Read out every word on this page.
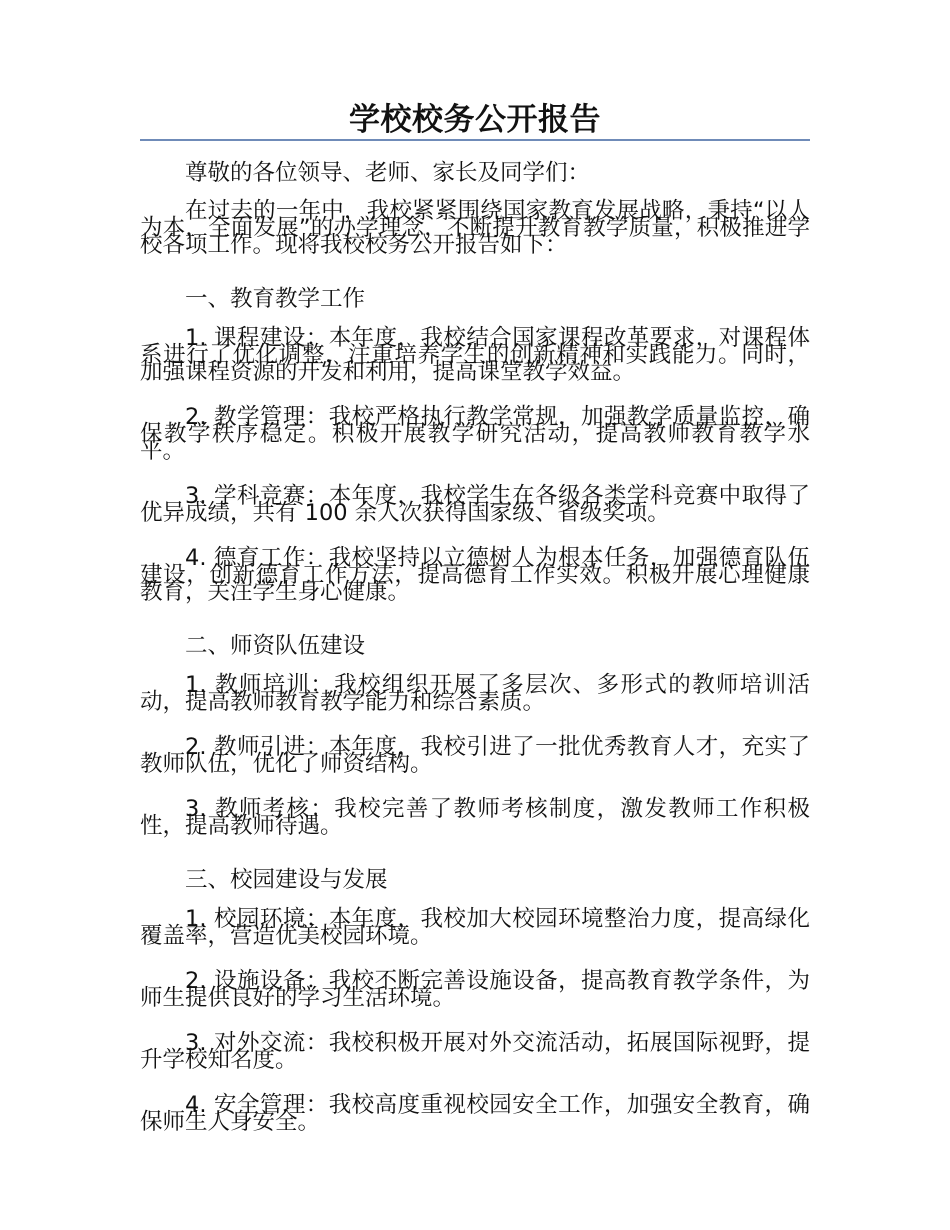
学校校务公开报告

尊敬的各位领导、老师、家长及同学们：

在过去的一年中，我校紧紧围绕国家教育发展战略，秉持“以人为本，全面发展”的办学理念，不断提升教育教学质量，积极推进学校各项工作。现将我校校务公开报告如下：

一、教育教学工作

1. 课程建设：本年度，我校结合国家课程改革要求，对课程体系进行了优化调整，注重培养学生的创新精神和实践能力。同时，加强课程资源的开发和利用，提高课堂教学效益。

2. 教学管理：我校严格执行教学常规，加强教学质量监控，确保教学秩序稳定。积极开展教学研究活动，提高教师教育教学水平。

3. 学科竞赛：本年度，我校学生在各级各类学科竞赛中取得了优异成绩，共有 100 余人次获得国家级、省级奖项。

4. 德育工作：我校坚持以立德树人为根本任务，加强德育队伍建设，创新德育工作方法，提高德育工作实效。积极开展心理健康教育，关注学生身心健康。

二、师资队伍建设

1. 教师培训：我校组织开展了多层次、多形式的教师培训活动，提高教师教育教学能力和综合素质。

2. 教师引进：本年度，我校引进了一批优秀教育人才，充实了教师队伍，优化了师资结构。

3. 教师考核：我校完善了教师考核制度，激发教师工作积极性，提高教师待遇。

三、校园建设与发展

1. 校园环境：本年度，我校加大校园环境整治力度，提高绿化覆盖率，营造优美校园环境。

2. 设施设备：我校不断完善设施设备，提高教育教学条件，为师生提供良好的学习生活环境。

3. 对外交流：我校积极开展对外交流活动，拓展国际视野，提升学校知名度。

4. 安全管理：我校高度重视校园安全工作，加强安全教育，确保师生人身安全。
